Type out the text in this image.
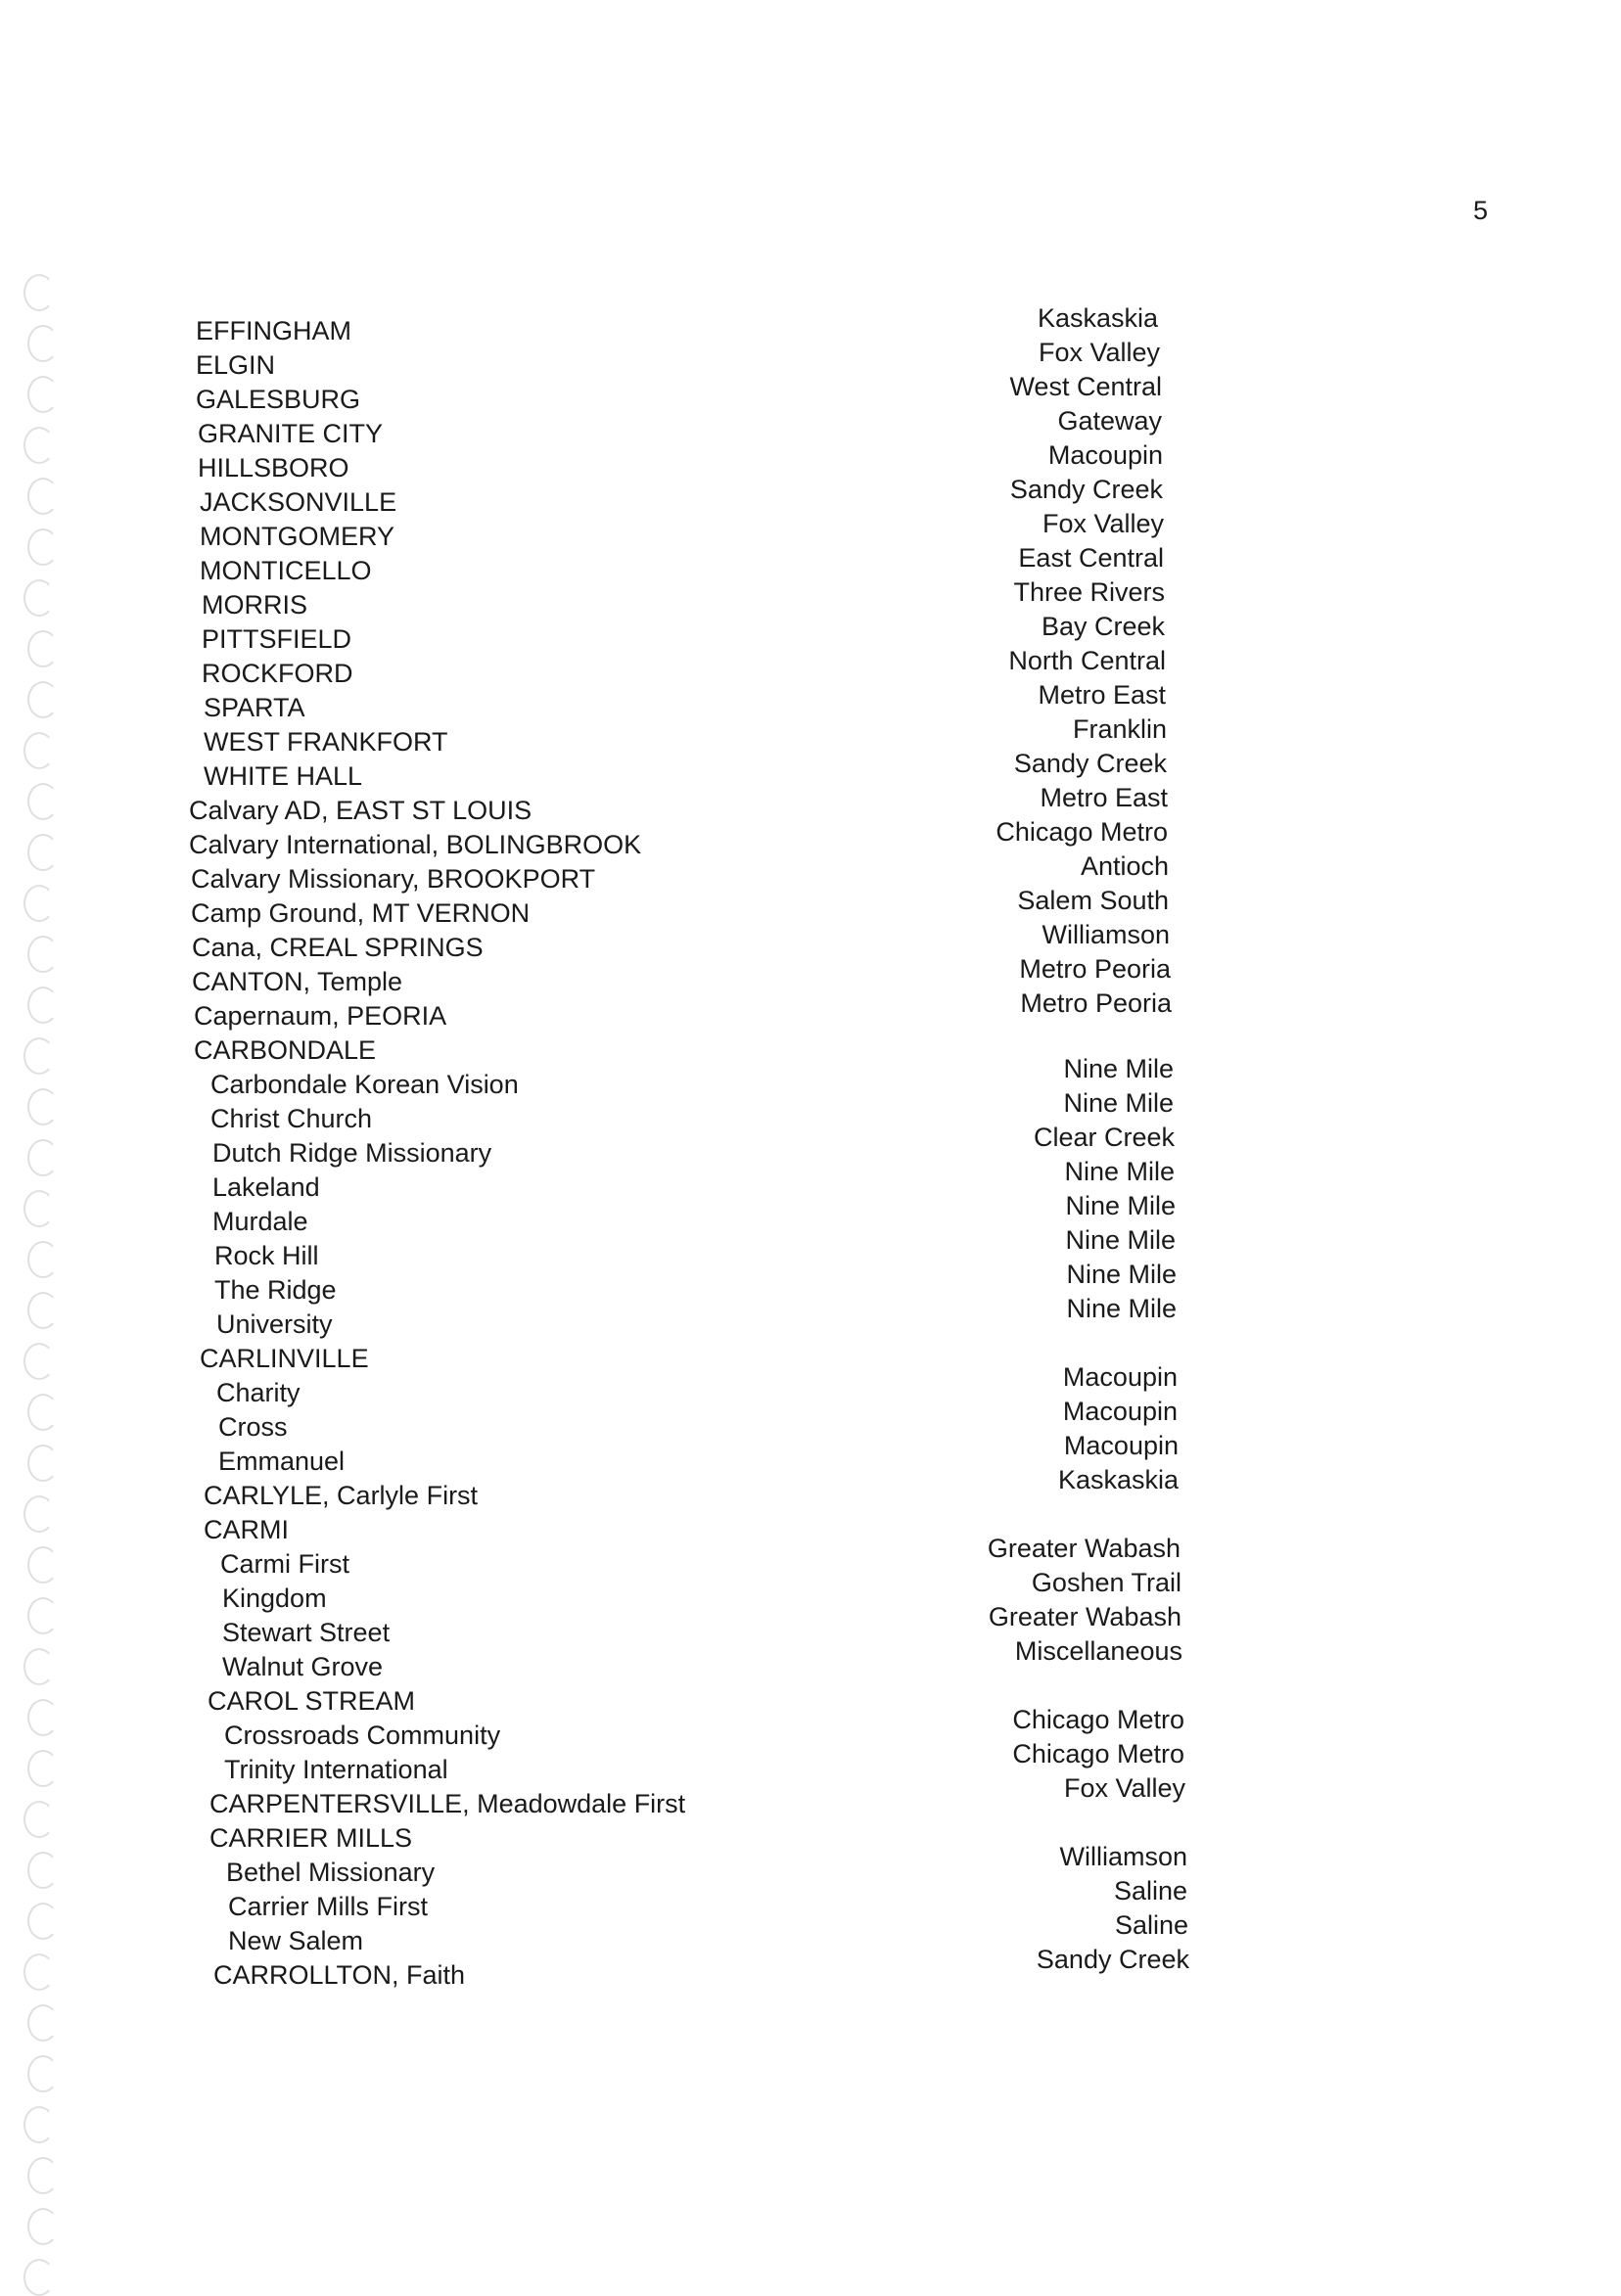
5
EFFINGHAM
ELGIN
GALESBURG
GRANITE CITY
HILLSBORO
JACKSONVILLE
MONTGOMERY
MONTICELLO
MORRIS
PITTSFIELD
ROCKFORD
SPARTA
WEST FRANKFORT
WHITE HALL
Calvary AD, EAST ST LOUIS
Calvary International, BOLINGBROOK
Calvary Missionary, BROOKPORT
Camp Ground, MT VERNON
Cana, CREAL SPRINGS
CANTON, Temple
Capernaum, PEORIA
CARBONDALE
Carbondale Korean Vision
Christ Church
Dutch Ridge Missionary
Lakeland
Murdale
Rock Hill
The Ridge
University
CARLINVILLE
Charity
Cross
Emmanuel
CARLYLE, Carlyle First
CARMI
Carmi First
Kingdom
Stewart Street
Walnut Grove
CAROL STREAM
Crossroads Community
Trinity International
CARPENTERSVILLE, Meadowdale First
CARRIER MILLS
Bethel Missionary
Carrier Mills First
New Salem
CARROLLTON, Faith
Kaskaskia
Fox Valley
West Central
Gateway
Macoupin
Sandy Creek
Fox Valley
East Central
Three Rivers
Bay Creek
North Central
Metro East
Franklin
Sandy Creek
Metro East
Chicago Metro
Antioch
Salem South
Williamson
Metro Peoria
Metro Peoria
Nine Mile
Nine Mile
Clear Creek
Nine Mile
Nine Mile
Nine Mile
Nine Mile
Nine Mile
Macoupin
Macoupin
Macoupin
Kaskaskia
Greater Wabash
Goshen Trail
Greater Wabash
Miscellaneous
Chicago Metro
Chicago Metro
Fox Valley
Williamson
Saline
Saline
Sandy Creek
